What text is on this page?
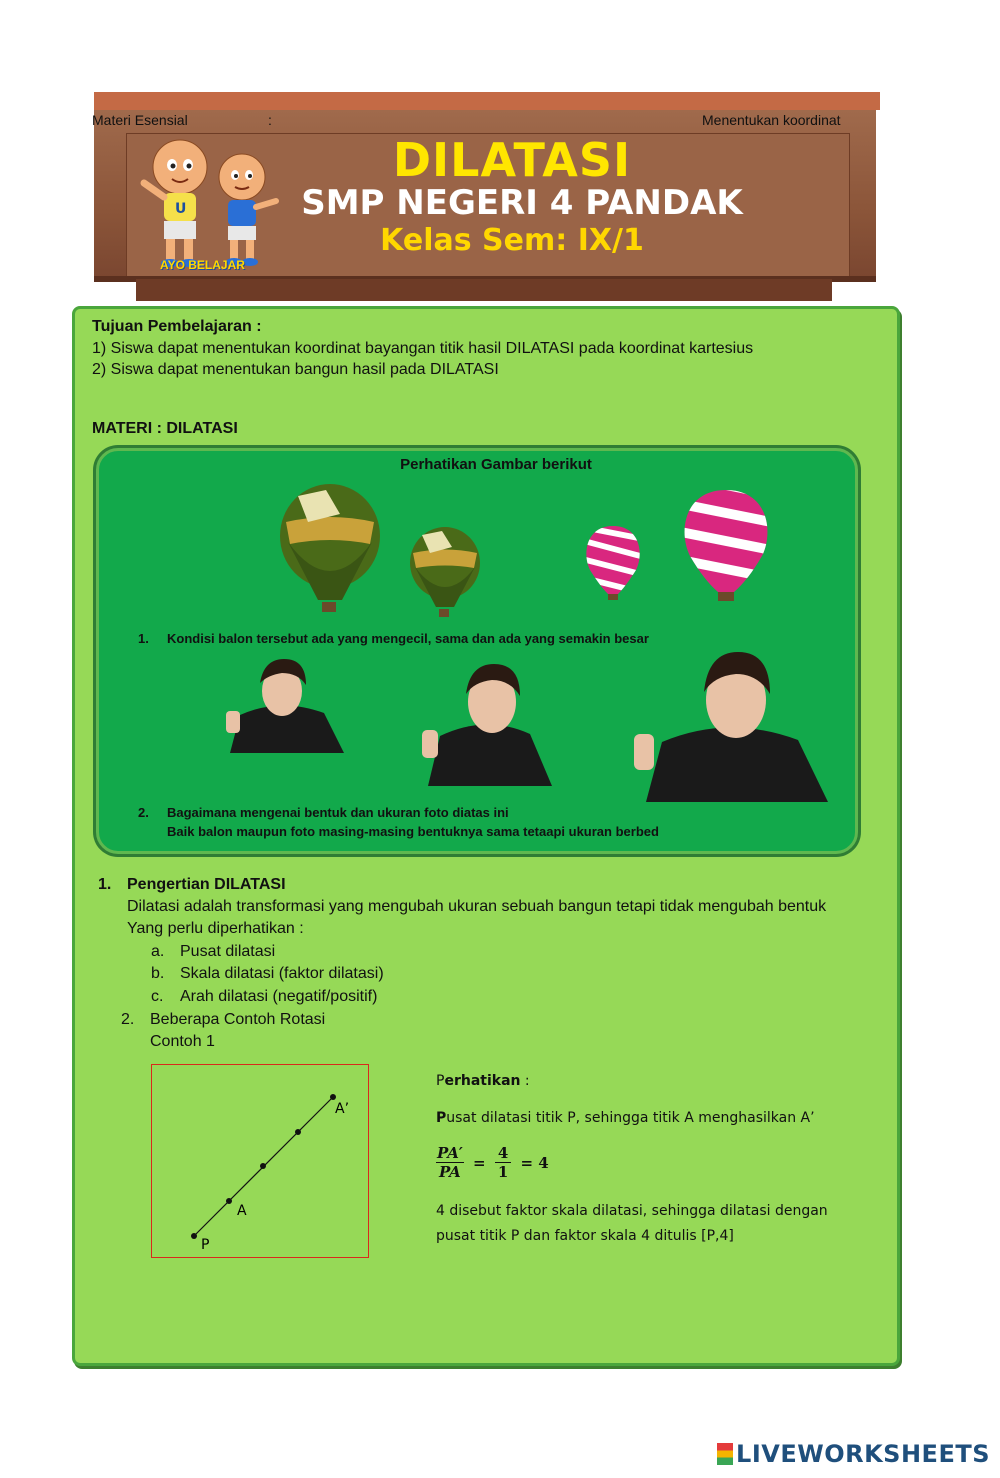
Materi Esensial	:	Menentukan koordinat
U
AYO BELAJAR
DILATASI
SMP NEGERI 4 PANDAK
Kelas Sem: IX/1
Tujuan Pembelajaran :
1) Siswa dapat menentukan koordinat bayangan titik hasil DILATASI pada koordinat kartesius
2) Siswa dapat menentukan bangun hasil pada DILATASI
MATERI : DILATASI
Perhatikan Gambar berikut
1. Kondisi balon tersebut ada yang mengecil, sama dan ada yang semakin besar
2. Bagaimana mengenai bentuk dan ukuran foto diatas ini
Baik balon maupun foto masing-masing bentuknya sama tetaapi ukuran berbed
1. Pengertian DILATASI
Dilatasi adalah transformasi yang mengubah ukuran sebuah bangun tetapi tidak mengubah bentuk
Yang perlu diperhatikan :
a. Pusat dilatasi
b. Skala dilatasi (faktor dilatasi)
c. Arah dilatasi (negatif/positif)
2. Beberapa Contoh Rotasi
Contoh 1
A’
A
P
Perhatikan :
Pusat dilatasi titik P, sehingga titik A menghasilkan A’
$\frac{PA'}{PA} = \frac{4}{1} = 4$
4 disebut faktor skala dilatasi, sehingga dilatasi dengan
pusat titik P dan faktor skala 4 ditulis [P,4]
LIVEWORKSHEETS
